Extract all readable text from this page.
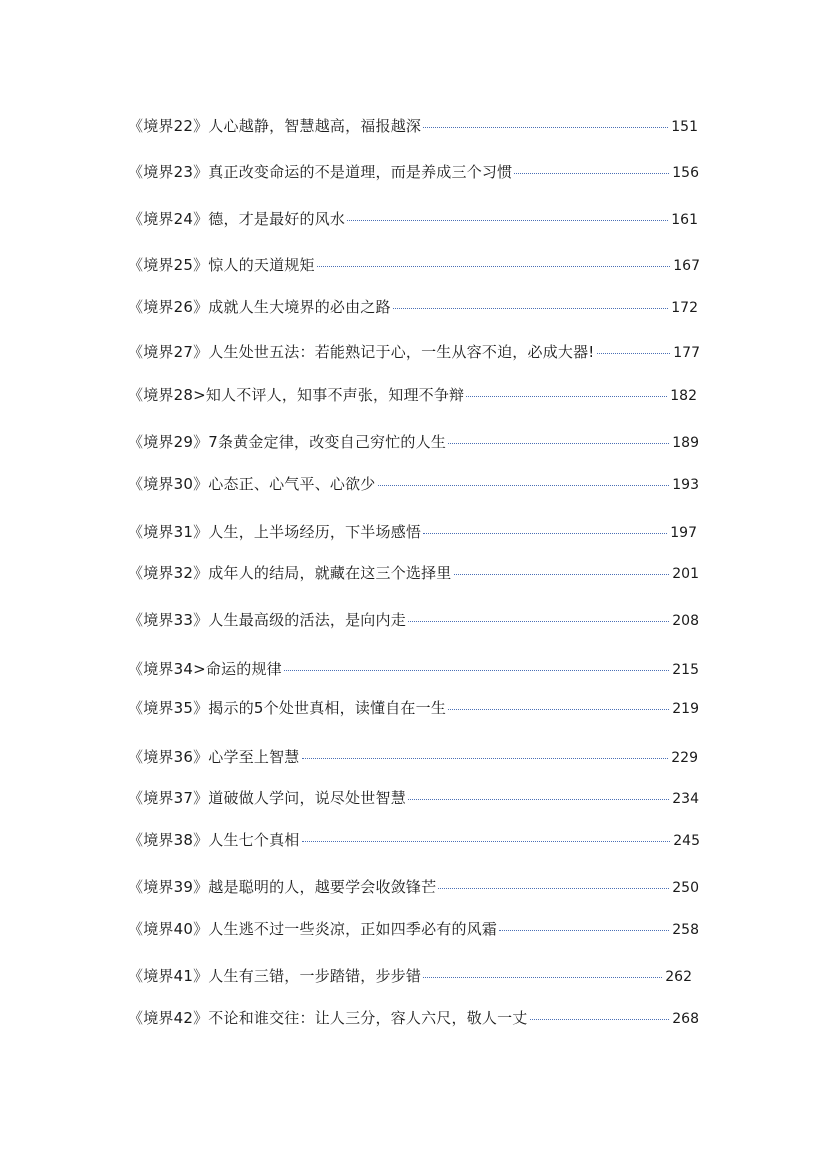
《境界22》人心越静，智慧越高，福报越深	151
《境界23》真正改变命运的不是道理，而是养成三个习惯	156
《境界24》德，才是最好的风水	161
《境界25》惊人的天道规矩	167
《境界26》成就人生大境界的必由之路	172
《境界27》人生处世五法：若能熟记于心，一生从容不迫，必成大器!	177
《境界28>知人不评人，知事不声张，知理不争辩	182
《境界29》7条黄金定律，改变自己穷忙的人生	189
《境界30》心态正、心气平、心欲少	193
《境界31》人生，上半场经历，下半场感悟	197
《境界32》成年人的结局，就藏在这三个选择里	201
《境界33》人生最高级的活法，是向内走	208
《境界34>命运的规律	215
《境界35》揭示的5个处世真相，读懂自在一生	219
《境界36》心学至上智慧	229
《境界37》道破做人学问，说尽处世智慧	234
《境界38》人生七个真相	245
《境界39》越是聪明的人，越要学会收敛锋芒	250
《境界40》人生逃不过一些炎凉，正如四季必有的风霜	258
《境界41》人生有三错，一步踏错，步步错	262
《境界42》不论和谁交往：让人三分，容人六尺，敬人一丈	268
